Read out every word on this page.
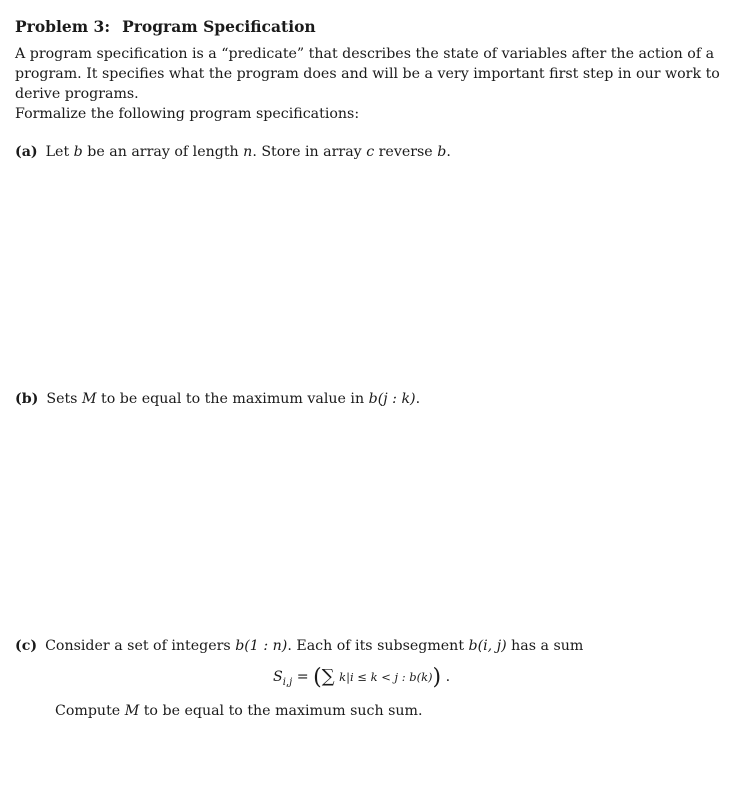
Problem 3: Program Specification

A program specification is a “predicate” that describes the state of variables after the action of a program. It specifies what the program does and will be a very important first step in our work to derive programs.

Formalize the following program specifications:

(a) Let b be an array of length n. Store in array c reverse b.
(b) Sets M to be equal to the maximum value in b(j : k).
(c) Consider a set of integers b(1 : n). Each of its subsegment b(i, j) has a sum
$S_{i,j}$ = (∑ k|i ≤ k < j : b(k)) .
Compute M to be equal to the maximum such sum.
